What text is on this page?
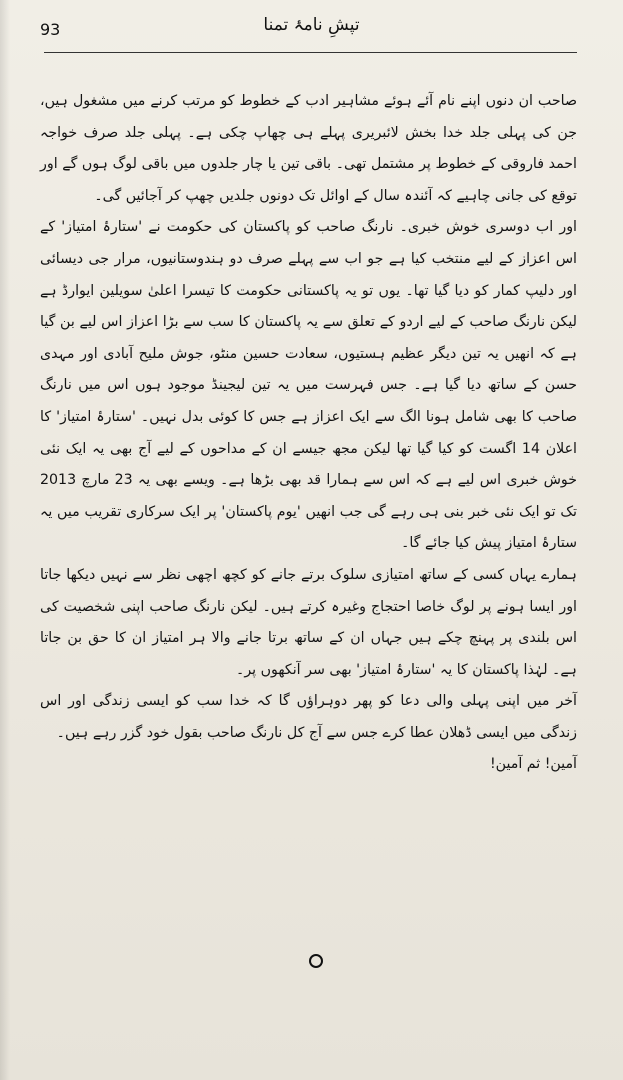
93	تپشِ نامۂ تمنا

صاحب ان دنوں اپنے نام آئے ہوئے مشاہیر ادب کے خطوط کو مرتب کرنے میں مشغول ہیں، جن کی پہلی جلد خدا بخش لائبریری پہلے ہی چھاپ چکی ہے۔ پہلی جلد صرف خواجہ احمد فاروقی کے خطوط پر مشتمل تھی۔ باقی تین یا چار جلدوں میں باقی لوگ ہوں گے اور توقع کی جانی چاہیے کہ آئندہ سال کے اوائل تک دونوں جلدیں چھپ کر آجائیں گی۔

اور اب دوسری خوش خبری۔ نارنگ صاحب کو پاکستان کی حکومت نے 'ستارۂ امتیاز' کے اس اعزاز کے لیے منتخب کیا ہے جو اب سے پہلے صرف دو ہندوستانیوں، مرار جی دیسائی اور دلیپ کمار کو دیا گیا تھا۔ یوں تو یہ پاکستانی حکومت کا تیسرا اعلیٰ سویلین ایوارڈ ہے لیکن نارنگ صاحب کے لیے اردو کے تعلق سے یہ پاکستان کا سب سے بڑا اعزاز اس لیے بن گیا ہے کہ انھیں یہ تین دیگر عظیم ہستیوں، سعادت حسین منٹو، جوش ملیح آبادی اور مہدی حسن کے ساتھ دیا گیا ہے۔ جس فہرست میں یہ تین لیجینڈ موجود ہوں اس میں نارنگ صاحب کا بھی شامل ہونا الگ سے ایک اعزاز ہے جس کا کوئی بدل نہیں۔ 'ستارۂ امتیاز' کا اعلان 14 اگست کو کیا گیا تھا لیکن مجھ جیسے ان کے مداحوں کے لیے آج بھی یہ ایک نئی خوش خبری اس لیے ہے کہ اس سے ہمارا قد بھی بڑھا ہے۔ ویسے بھی یہ 23 مارچ 2013 تک تو ایک نئی خبر بنی ہی رہے گی جب انھیں 'یوم پاکستان' پر ایک سرکاری تقریب میں یہ ستارۂ امتیاز پیش کیا جائے گا۔

ہمارے یہاں کسی کے ساتھ امتیازی سلوک برتے جانے کو کچھ اچھی نظر سے نہیں دیکھا جاتا اور ایسا ہونے پر لوگ خاصا احتجاج وغیرہ کرتے ہیں۔ لیکن نارنگ صاحب اپنی شخصیت کی اس بلندی پر پہنچ چکے ہیں جہاں ان کے ساتھ برتا جانے والا ہر امتیاز ان کا حق بن جاتا ہے۔ لہٰذا پاکستان کا یہ 'ستارۂ امتیاز' بھی سر آنکھوں پر۔

آخر میں اپنی پہلی والی دعا کو پھر دوہراؤں گا کہ خدا سب کو ایسی زندگی اور اس زندگی میں ایسی ڈھلان عطا کرے جس سے آج کل نارنگ صاحب بقول خود گزر رہے ہیں۔

آمین! ثم آمین!
